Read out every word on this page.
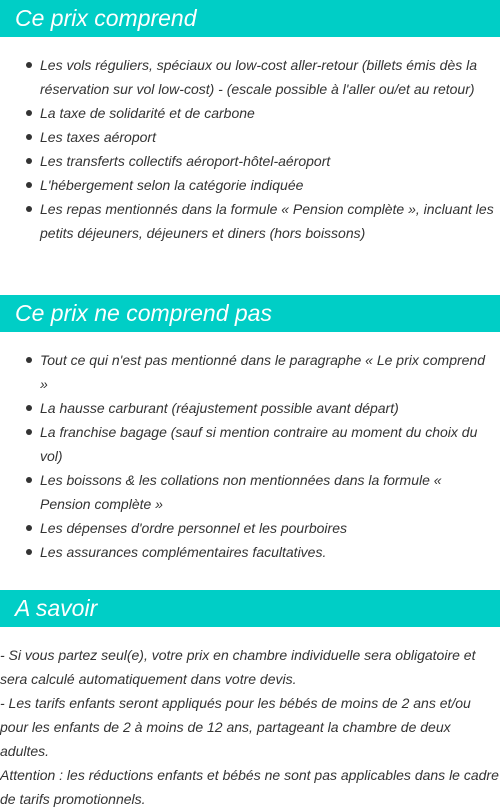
Ce prix comprend
Les vols réguliers, spéciaux ou low-cost aller-retour (billets émis dès la réservation sur vol low-cost) - (escale possible à l'aller ou/et au retour)
La taxe de solidarité et de carbone
Les taxes aéroport
Les transferts collectifs aéroport-hôtel-aéroport
L'hébergement selon la catégorie indiquée
Les repas mentionnés dans la formule « Pension complète », incluant les petits déjeuners, déjeuners et diners (hors boissons)
Ce prix ne comprend pas
Tout ce qui n'est pas mentionné dans le paragraphe « Le prix comprend »
La hausse carburant (réajustement possible avant départ)
La franchise bagage (sauf si mention contraire au moment du choix du vol)
Les boissons & les collations non mentionnées dans la formule « Pension complète »
Les dépenses d'ordre personnel et les pourboires
Les assurances complémentaires facultatives.
A savoir

- Si vous partez seul(e), votre prix en chambre individuelle sera obligatoire et sera calculé automatiquement dans votre devis.
- Les tarifs enfants seront appliqués pour les bébés de moins de 2 ans et/ou pour les enfants de 2 à moins de 12 ans, partageant la chambre de deux adultes.
Attention : les réductions enfants et bébés ne sont pas applicables dans le cadre de tarifs promotionnels.
